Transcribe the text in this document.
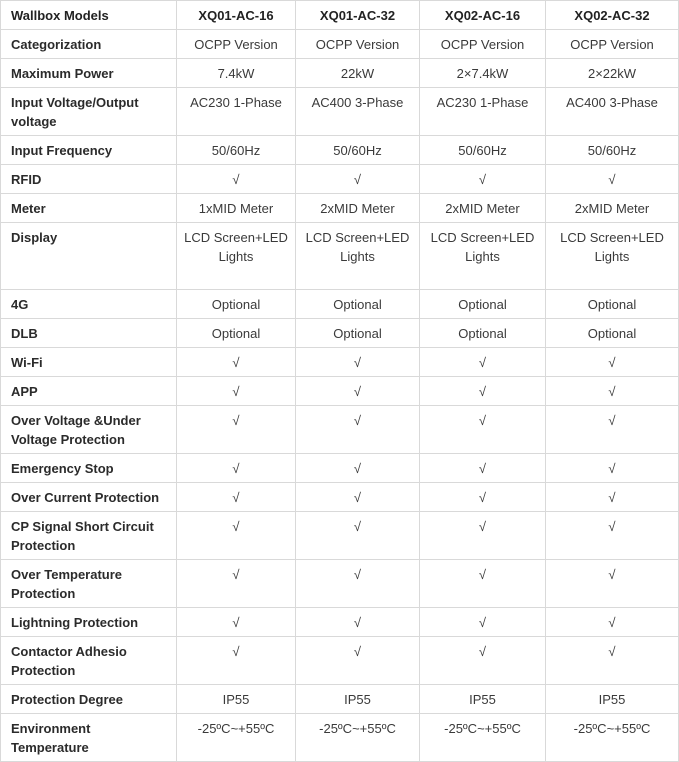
Wallbox Models	XQ01-AC-16	XQ01-AC-32	XQ02-AC-16	XQ02-AC-32
Categorization	OCPP Version	OCPP Version	OCPP Version	OCPP Version
Maximum Power	7.4kW	22kW	2×7.4kW	2×22kW
Input Voltage/Output voltage	AC230 1-Phase	AC400 3-Phase	AC230 1-Phase	AC400 3-Phase
Input Frequency	50/60Hz	50/60Hz	50/60Hz	50/60Hz
RFID	√	√	√	√
Meter	1xMID Meter	2xMID Meter	2xMID Meter	2xMID Meter
Display	LCD Screen+LED Lights	LCD Screen+LED Lights	LCD Screen+LED Lights	LCD Screen+LED Lights
4G	Optional	Optional	Optional	Optional
DLB	Optional	Optional	Optional	Optional
Wi-Fi	√	√	√	√
APP	√	√	√	√
Over Voltage &Under Voltage Protection	√	√	√	√
Emergency Stop	√	√	√	√
Over Current Protection	√	√	√	√
CP Signal Short Circuit Protection	√	√	√	√
Over Temperature Protection	√	√	√	√
Lightning Protection	√	√	√	√
Contactor Adhesio Protection	√	√	√	√
Protection Degree	IP55	IP55	IP55	IP55
Environment Temperature	-25ºC~+55ºC	-25ºC~+55ºC	-25ºC~+55ºC	-25ºC~+55ºC
